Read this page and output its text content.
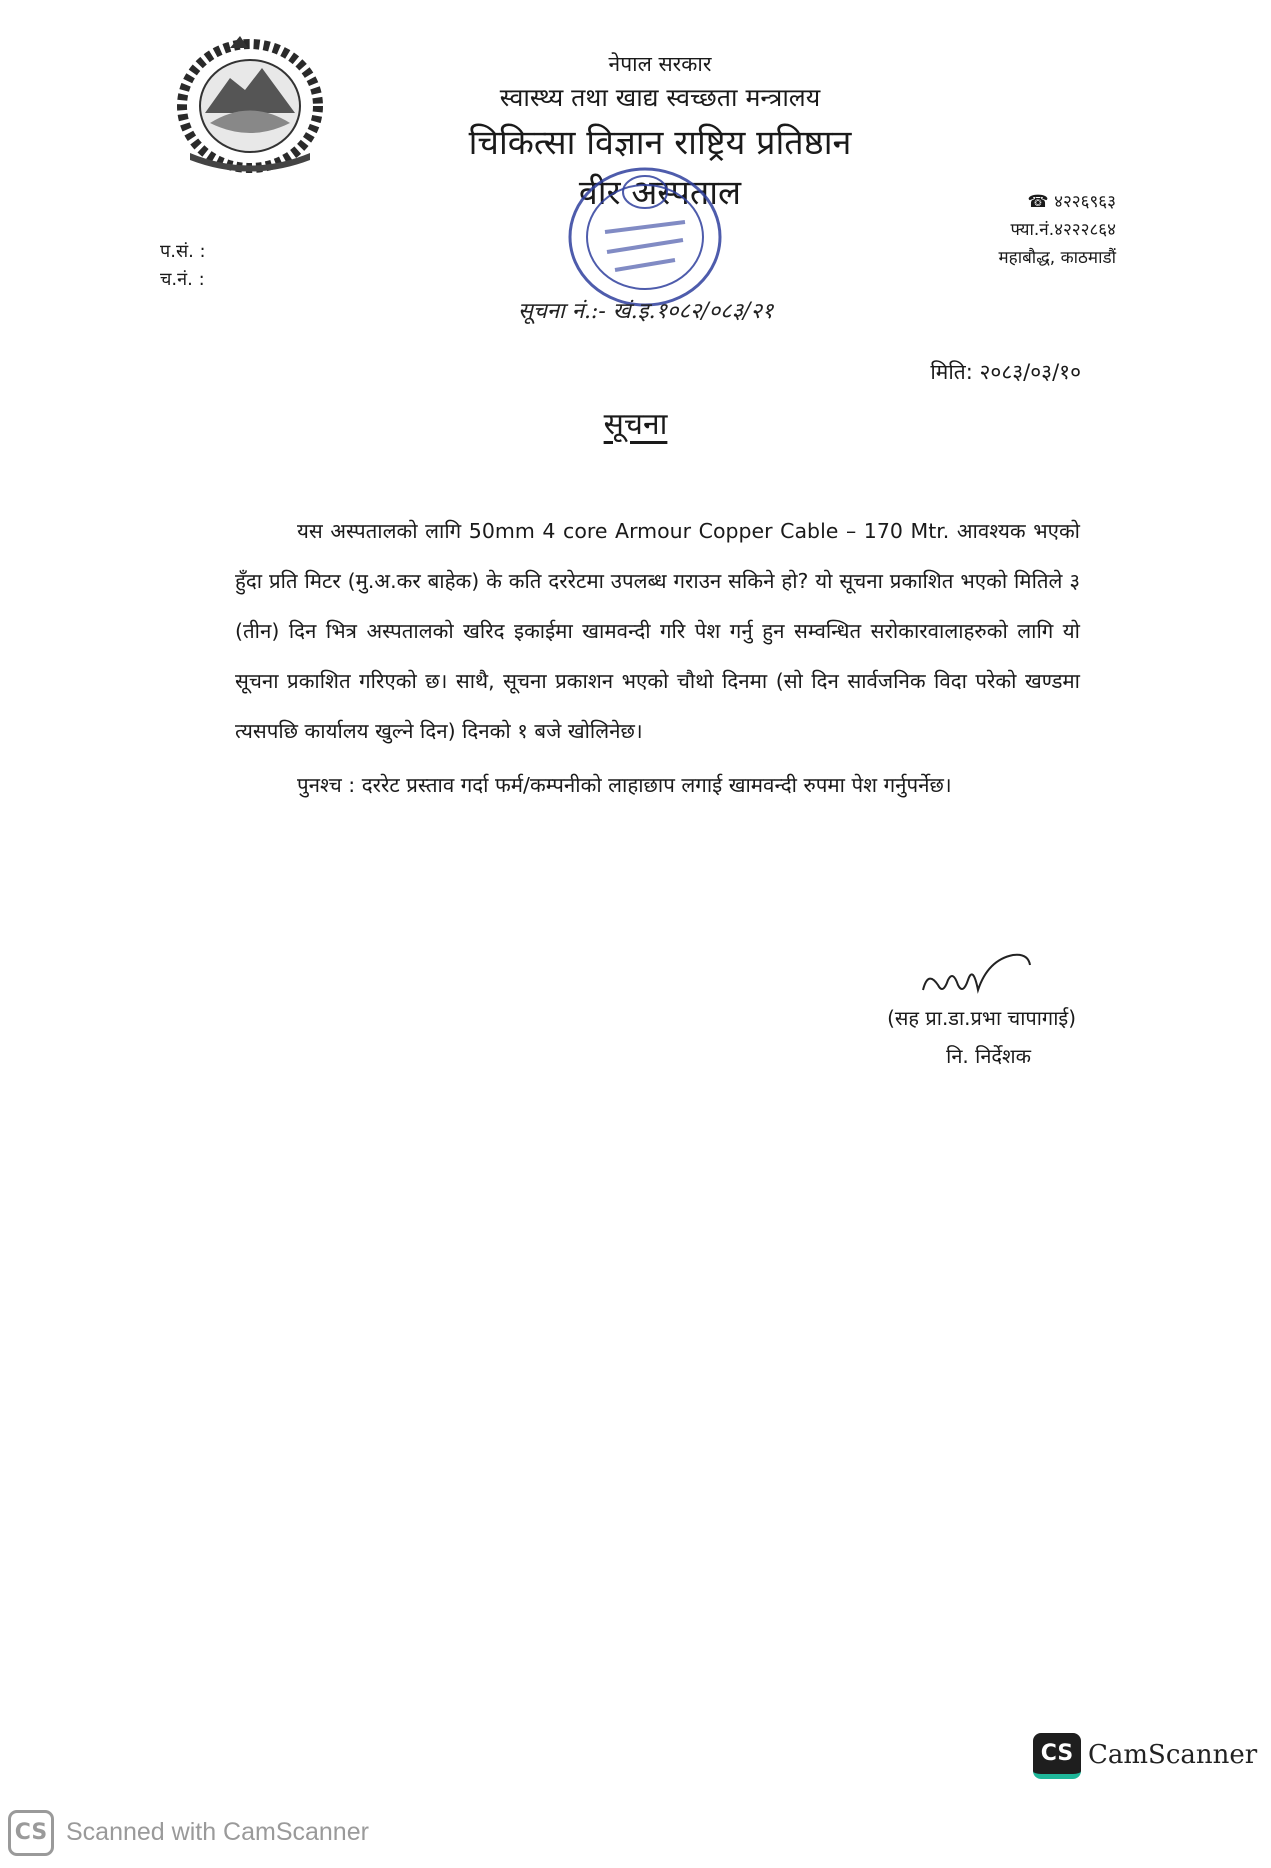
नेपाल सरकार
स्वास्थ्य तथा खाद्य स्वच्छता मन्त्रालय
चिकित्सा विज्ञान राष्ट्रिय प्रतिष्ठान
वीर अस्पताल
सूचना नं.:- खं.इ.१०८२/०८३/२१
☎ ४२२६९६३
फ्या.नं.४२२२८६४
महाबौद्ध, काठमाडौं
प.सं. :
च.नं. :
मिति: २०८३/०३/१०
सूचना

यस अस्पतालको लागि 50mm 4 core Armour Copper Cable – 170 Mtr. आवश्यक भएको हुँदा प्रति मिटर (मु.अ.कर बाहेक) के कति दररेटमा उपलब्ध गराउन सकिने हो? यो सूचना प्रकाशित भएको मितिले ३ (तीन) दिन भित्र अस्पतालको खरिद इकाईमा खामवन्दी गरि पेश गर्नु हुन सम्वन्धित सरोकारवालाहरुको लागि यो सूचना प्रकाशित गरिएको छ। साथै, सूचना प्रकाशन भएको चौथो दिनमा (सो दिन सार्वजनिक विदा परेको खण्डमा त्यसपछि कार्यालय खुल्ने दिन) दिनको १ बजे खोलिनेछ।

पुनश्च : दररेट प्रस्ताव गर्दा फर्म/कम्पनीको लाहाछाप लगाई खामवन्दी रुपमा पेश गर्नुपर्नेछ।

(सह प्रा.डा.प्रभा चापागाई)
नि. निर्देशक
CS CamScanner
CS Scanned with CamScanner
